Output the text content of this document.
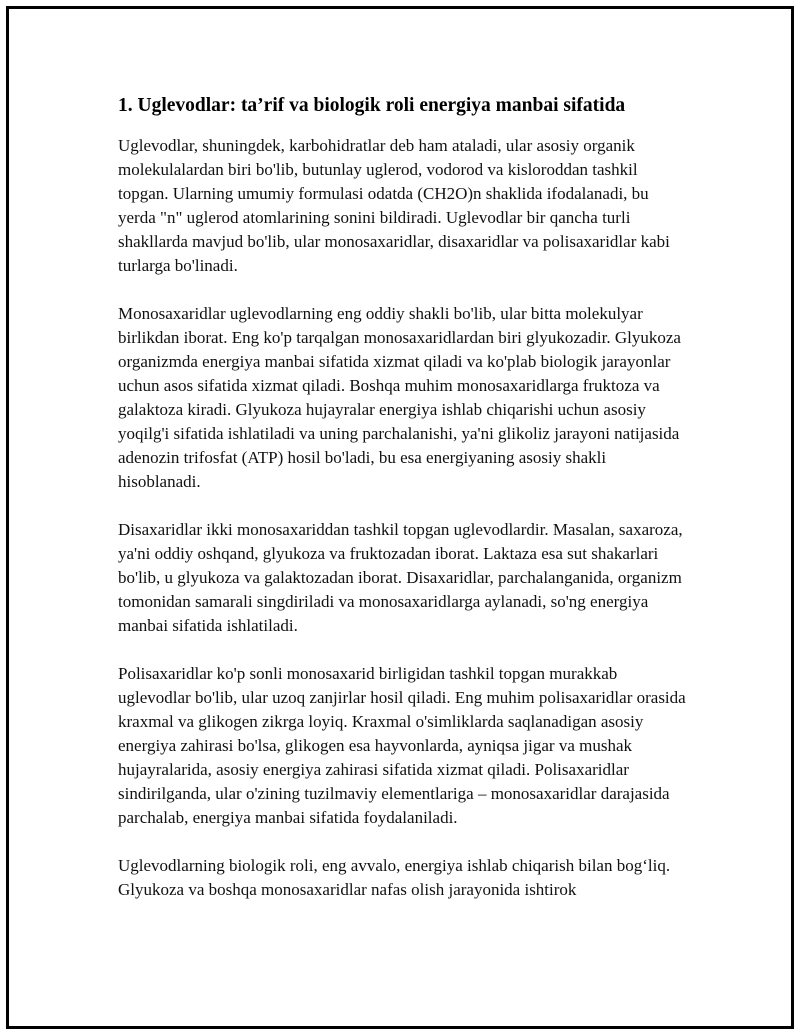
1. Uglevodlar: ta’rif va biologik roli energiya manbai sifatida

Uglevodlar, shuningdek, karbohidratlar deb ham ataladi, ular asosiy organik molekulalardan biri bo'lib, butunlay uglerod, vodorod va kisloroddan tashkil topgan. Ularning umumiy formulasi odatda (CH2O)n shaklida ifodalanadi, bu yerda "n" uglerod atomlarining sonini bildiradi. Uglevodlar bir qancha turli shakllarda mavjud bo'lib, ular monosaxaridlar, disaxaridlar va polisaxaridlar kabi turlarga bo'linadi.

Monosaxaridlar uglevodlarning eng oddiy shakli bo'lib, ular bitta molekulyar birlikdan iborat. Eng ko'p tarqalgan monosaxaridlardan biri glyukozadir. Glyukoza organizmda energiya manbai sifatida xizmat qiladi va ko'plab biologik jarayonlar uchun asos sifatida xizmat qiladi. Boshqa muhim monosaxaridlarga fruktoza va galaktoza kiradi. Glyukoza hujayralar energiya ishlab chiqarishi uchun asosiy yoqilg'i sifatida ishlatiladi va uning parchalanishi, ya'ni glikoliz jarayoni natijasida adenozin trifosfat (ATP) hosil bo'ladi, bu esa energiyaning asosiy shakli hisoblanadi.

Disaxaridlar ikki monosaxariddan tashkil topgan uglevodlardir. Masalan, saxaroza, ya'ni oddiy oshqand, glyukoza va fruktozadan iborat. Laktaza esa sut shakarlari bo'lib, u glyukoza va galaktozadan iborat. Disaxaridlar, parchalanganida, organizm tomonidan samarali singdiriladi va monosaxaridlarga aylanadi, so'ng energiya manbai sifatida ishlatiladi.

Polisaxaridlar ko'p sonli monosaxarid birligidan tashkil topgan murakkab uglevodlar bo'lib, ular uzoq zanjirlar hosil qiladi. Eng muhim polisaxaridlar orasida kraxmal va glikogen zikrga loyiq. Kraxmal o'simliklarda saqlanadigan asosiy energiya zahirasi bo'lsa, glikogen esa hayvonlarda, ayniqsa jigar va mushak hujayralarida, asosiy energiya zahirasi sifatida xizmat qiladi. Polisaxaridlar sindirilganda, ular o'zining tuzilmaviy elementlariga – monosaxaridlar darajasida parchalab, energiya manbai sifatida foydalaniladi.

Uglevodlarning biologik roli, eng avvalo, energiya ishlab chiqarish bilan bog‘liq. Glyukoza va boshqa monosaxaridlar nafas olish jarayonida ishtirok
